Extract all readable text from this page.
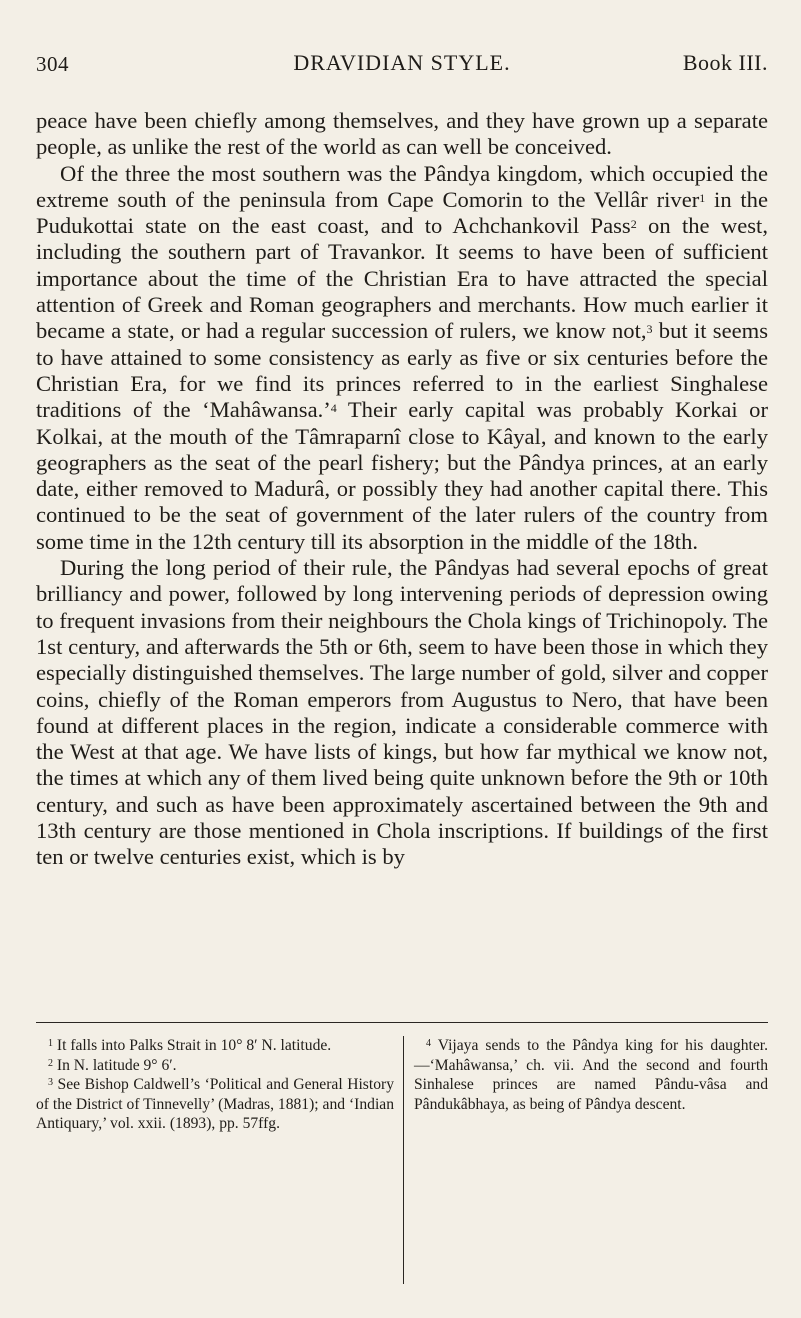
304	DRAVIDIAN STYLE.	Book III.

peace have been chiefly among themselves, and they have grown up a separate people, as unlike the rest of the world as can well be conceived.

Of the three the most southern was the Pândya kingdom, which occupied the extreme south of the peninsula from Cape Comorin to the Vellâr river$^1$ in the Pudukottai state on the east coast, and to Achchankovil Pass$^2$ on the west, including the southern part of Travankor. It seems to have been of sufficient importance about the time of the Christian Era to have attracted the special attention of Greek and Roman geographers and merchants. How much earlier it became a state, or had a regular succession of rulers, we know not,$^3$ but it seems to have attained to some consistency as early as five or six centuries before the Christian Era, for we find its princes referred to in the earliest Singhalese traditions of the ‘Mahâwansa.’$^4$ Their early capital was probably Korkai or Kolkai, at the mouth of the Tâmraparnî close to Kâyal, and known to the early geographers as the seat of the pearl fishery; but the Pândya princes, at an early date, either removed to Madurâ, or possibly they had another capital there. This continued to be the seat of government of the later rulers of the country from some time in the 12th century till its absorption in the middle of the 18th.

During the long period of their rule, the Pândyas had several epochs of great brilliancy and power, followed by long intervening periods of depression owing to frequent invasions from their neighbours the Chola kings of Trichinopoly. The 1st century, and afterwards the 5th or 6th, seem to have been those in which they especially distinguished themselves. The large number of gold, silver and copper coins, chiefly of the Roman emperors from Augustus to Nero, that have been found at different places in the region, indicate a considerable commerce with the West at that age. We have lists of kings, but how far mythical we know not, the times at which any of them lived being quite unknown before the 9th or 10th century, and such as have been approximately ascertained between the 9th and 13th century are those mentioned in Chola inscriptions. If buildings of the first ten or twelve centuries exist, which is by

$^1$ It falls into Palks Strait in 10° 8′ N. latitude.

$^2$ In N. latitude 9° 6′.

$^3$ See Bishop Caldwell’s ‘Political and General History of the District of Tinnevelly’ (Madras, 1881); and ‘Indian Antiquary,’ vol. xxii. (1893), pp. 57ffg.

$^4$ Vijaya sends to the Pândya king for his daughter.—‘Mahâwansa,’ ch. vii. And the second and fourth Sinhalese princes are named Pându-vâsa and Pândukâbhaya, as being of Pândya descent.
